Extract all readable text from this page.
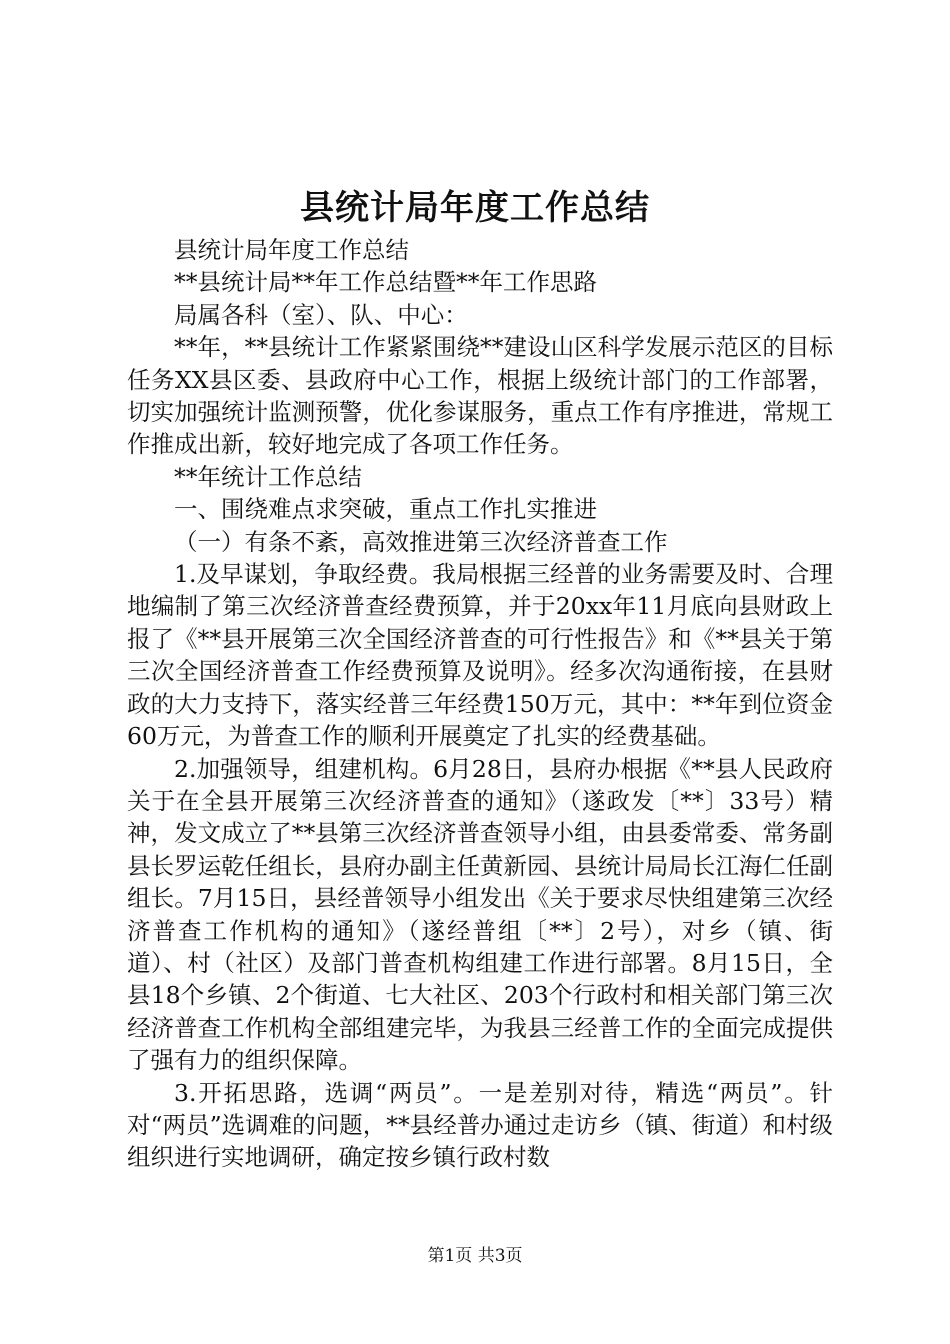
县统计局年度工作总结

县统计局年度工作总结

**县统计局**年工作总结暨**年工作思路

局属各科（室）、队、中心：

**年，**县统计工作紧紧围绕**建设山区科学发展示范区的目标任务XX县区委、县政府中心工作，根据上级统计部门的工作部署，切实加强统计监测预警，优化参谋服务，重点工作有序推进，常规工作推成出新，较好地完成了各项工作任务。

**年统计工作总结

一、围绕难点求突破，重点工作扎实推进

（一）有条不紊，高效推进第三次经济普查工作

1.及早谋划，争取经费。我局根据三经普的业务需要及时、合理地编制了第三次经济普查经费预算，并于20xx年11月底向县财政上报了《**县开展第三次全国经济普查的可行性报告》和《**县关于第三次全国经济普查工作经费预算及说明》。经多次沟通衔接，在县财政的大力支持下，落实经普三年经费150万元，其中：**年到位资金60万元，为普查工作的顺利开展奠定了扎实的经费基础。

2.加强领导，组建机构。6月28日，县府办根据《**县人民政府关于在全县开展第三次经济普查的通知》（遂政发〔**〕33号）精神，发文成立了**县第三次经济普查领导小组，由县委常委、常务副县长罗运乾任组长，县府办副主任黄新园、县统计局局长江海仁任副组长。7月15日，县经普领导小组发出《关于要求尽快组建第三次经济普查工作机构的通知》（遂经普组〔**〕2号），对乡（镇、街道）、村（社区）及部门普查机构组建工作进行部署。8月15日，全县18个乡镇、2个街道、七大社区、203个行政村和相关部门第三次经济普查工作机构全部组建完毕，为我县三经普工作的全面完成提供了强有力的组织保障。

3.开拓思路，选调“两员”。一是差别对待，精选“两员”。针对“两员”选调难的问题，**县经普办通过走访乡（镇、街道）和村级组织进行实地调研，确定按乡镇行政村数

第1页 共3页
